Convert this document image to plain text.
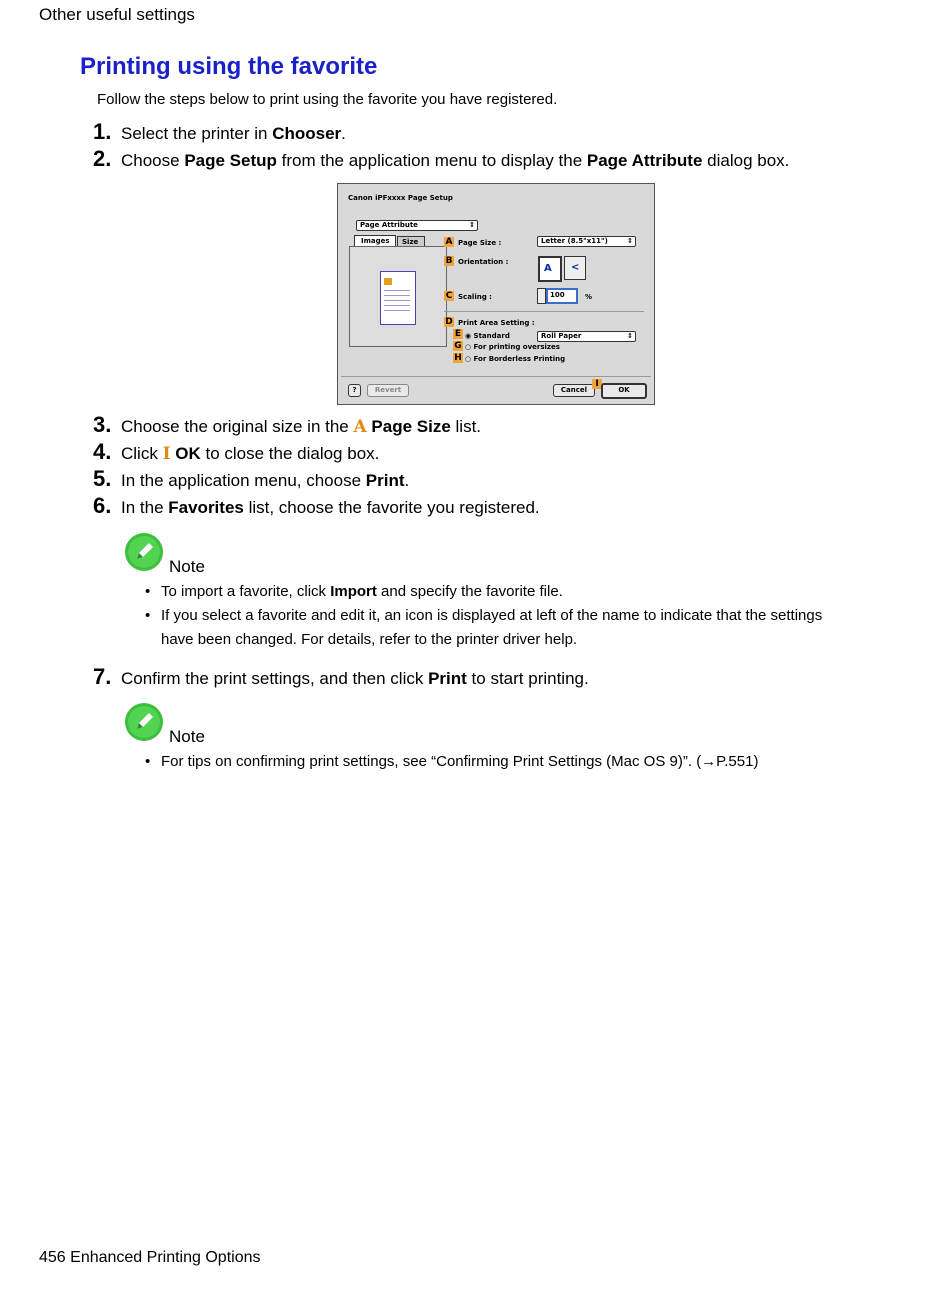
Other useful settings
Printing using the favorite
Follow the steps below to print using the favorite you have registered.
1. Select the printer in Chooser.
2. Choose Page Setup from the application menu to display the Page Attribute dialog box.
Canon iPFxxxx Page Setup
Page Attribute	⇕
Images Size	A Page Size :	Letter (8.5"x11")	⇕
B Orientation :
A <
C Scaling :	100	%
D Print Area Setting :
E ◉ Standard	Roll Paper	⇕
G ○ For printing oversizes
H ○ For Borderless Printing
?	Revert	Cancel
I
OK
3. Choose the original size in the A Page Size list.
4. Click I OK to close the dialog box.
5. In the application menu, choose Print.
6. In the Favorites list, choose the favorite you registered.
Note
• To import a favorite, click Import and specify the favorite file.
• If you select a favorite and edit it, an icon is displayed at left of the name to indicate that the settings
have been changed. For details, refer to the printer driver help.
7. Confirm the print settings, and then click Print to start printing.
Note
• For tips on confirming print settings, see “Confirming Print Settings (Mac OS 9)”. (→P.551)
456 Enhanced Printing Options
